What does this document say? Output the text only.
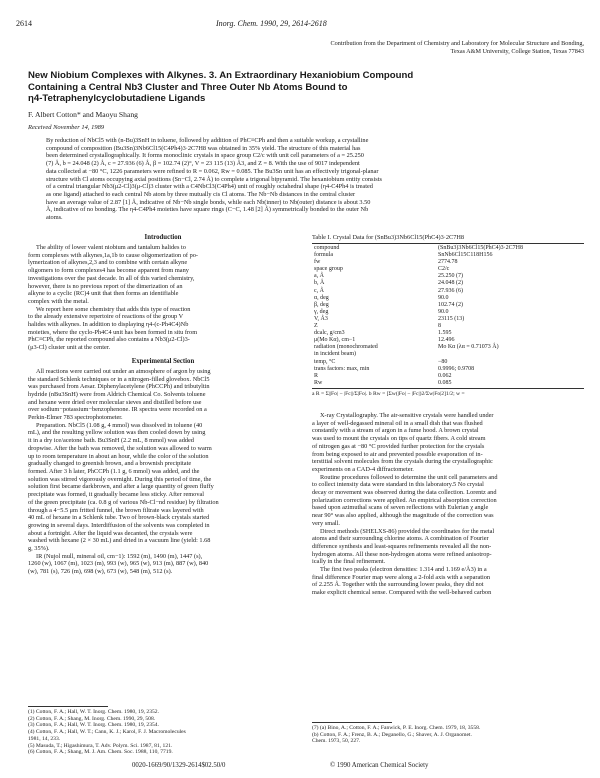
2614	Inorg. Chem. 1990, 29, 2614-2618
Contribution from the Department of Chemistry and Laboratory for Molecular Structure and Bonding,
Texas A&M University, College Station, Texas 77843
New Niobium Complexes with Alkynes. 3. An Extraordinary Hexaniobium Compound
Containing a Central Nb3 Cluster and Three Outer Nb Atoms Bound to
η4-Tetraphenylcyclobutadiene Ligands
F. Albert Cotton* and Maoyu Shang
Received November 14, 1989
By reduction of NbCl5 with (n-Bu)3SnH in toluene, followed by addition of PhC≡CPh and then a suitable workup, a crystalline
compound of composition (Bu3Sn)3Nb6Cl15(C4Ph4)3·2C7H8 was obtained in 35% yield. The structure of this material has
been determined crystallographically. It forms monoclinic crystals in space group C2/c with unit cell parameters of a = 25.250
(7) Å, b = 24.048 (2) Å, c = 27.936 (6) Å, β = 102.74 (2)°, V = 23 115 (13) Å3, and Z = 8. With the use of 9017 independent
data collected at −80 °C, 1226 parameters were refined to R = 0.062, Rw = 0.085. The Bu3Sn unit has an effectively trigonal-planar
structure with Cl atoms occupying axial positions (Sn−Cl, 2.74 Å) to complete a trigonal bipyramid. The hexaniobium entity consists
of a central triangular Nb3(μ2-Cl)3(μ-Cl)3 cluster with a C4NbCl3(C4Ph4) unit of roughly octahedral shape (η4-C4Ph4 is treated
as one ligand) attached to each central Nb atom by three mutually cis Cl atoms. The Nb−Nb distances in the central cluster
have an average value of 2.87 [1] Å, indicative of Nb−Nb single bonds, while each Nb(inner) to Nb(outer) distance is about 3.50
Å, indicative of no bonding. The η4-C4Ph4 moieties have square rings (C−C, 1.48 [2] Å) symmetrically bonded to the outer Nb
atoms.
Introduction
The ability of lower valent niobium and tantalum halides to
form complexes with alkynes,1a,1b to cause oligomerization of po-
lymerization of alkynes,2,3 and to combine with certain alkyne
oligomers to form complexes4 has become apparent from many
investigations over the past decade. In all of this varied chemistry,
however, there is no previous report of the dimerization of an
alkyne to a cyclic (RC)4 unit that then forms an identifiable
complex with the metal.
We report here some chemistry that adds this type of reaction
to the already extensive repertoire of reactions of the group V
halides with alkynes. In addition to displaying η4-(c-Ph4C4)Nb
moieties, where the cyclo-Ph4C4 unit has been formed in situ from
PhC≡CPh, the reported compound also contains a Nb3(μ2-Cl)3-
(μ3-Cl) cluster unit at the center.
Experimental Section
All reactions were carried out under an atmosphere of argon by using
the standard Schlenk techniques or in a nitrogen-filled glovebox. NbCl5
was purchased from Aesar. Diphenylacetylene (PhCCPh) and tributyltin
hydride (nBu3SnH) were from Aldrich Chemical Co. Solvents toluene
and hexane were dried over molecular sieves and distilled before use
over sodium−potassium−benzophenone. IR spectra were recorded on a
Perkin-Elmer 783 spectrophotometer.
Preparation. NbCl5 (1.08 g, 4 mmol) was dissolved in toluene (40
mL), and the resulting yellow solution was then cooled down by using
it in a dry ice/acetone bath. Bu3SnH (2.2 mL, 8 mmol) was added
dropwise. After the bath was removed, the solution was allowed to warm
up to room temperature in about an hour, while the color of the solution
gradually changed to greenish brown, and a brownish precipitate
formed. After 3 h later, PhCCPh (1.1 g, 6 mmol) was added, and the
solution was stirred vigorously overnight. During this period of time, the
solution first became darkbrown, and after a large quantity of green fluffy
precipitate was formed, it gradually became less sticky. After removal
of the green precipitate (ca. 0.8 g of various Nb-Cl−nd residue) by filtration
through a 4−5.5 μm fritted funnel, the brown filtrate was layered with
40 mL of hexane in a Schlenk tube. Two of brown-black crystals started
growing in several days. Interdiffusion of the solvents was completed in
about a fortnight. After the liquid was decanted, the crystals were
washed with hexane (2 × 30 mL) and dried in a vacuum line (yield: 1.68
g, 35%).
IR (Nujol mull, mineral oil, cm−1): 1592 (m), 1490 (m), 1447 (s),
1260 (w), 1067 (m), 1023 (m), 993 (w), 965 (w), 913 (m), 887 (w), 840
(w), 781 (s), 726 (m), 698 (w), 673 (w), 548 (m), 512 (s).
(1) Cotton, F. A.; Hall, W. T. Inorg. Chem. 1980, 19, 2352.
(2) Cotton, F. A.; Shang, M. Inorg. Chem. 1990, 29, 508.
(3) Cotton, F. A.; Hall, W. T. Inorg. Chem. 1980, 19, 2354.
(4) Cotton, F. A.; Hall, W. T.; Cann, K. J.; Karol, F. J. Macromolecules
1981, 14, 233.
(5) Masuda, T.; Higashimura, T. Adv. Polym. Sci. 1987, 81, 121.
(6) Cotton, F. A.; Shang, M. J. Am. Chem. Soc. 1988, 110, 7719.
Table I. Crystal Data for (SnBu3)3Nb6Cl15(PhC4)3·2C7H8
compound	(SnBu3)3Nb6Cl15(PhC4)3·2C7H8
formula	SnNb6Cl15C118H156
fw	2774.78
space group	C2/c
a, Å	25.250 (7)
b, Å	24.048 (2)
c, Å	27.936 (6)
α, deg	90.0
β, deg	102.74 (2)
γ, deg	90.0
V, Å3	23115 (13)
Z	8
dcalc, g/cm3	1.595
μ(Mo Kα), cm−1	12.496
radiation (monochromated	Mo Kα (λα = 0.71073 Å)
in incident beam)	
temp, °C	−80
trans factors: max, min	0.9996; 0.9708
R	0.062
Rw	0.085
a R = Σ||Fo| − |Fc||/Σ|Fo|. b Rw = [Σw(|Fo| − |Fc|)2/Σw|Fo|2]1/2; w =
X-ray Crystallography. The air-sensitive crystals were handled under
a layer of well-degassed mineral oil in a small dish that was flushed
constantly with a stream of argon in a fume hood. A brown crystal
was used to mount the crystals on tips of quartz fibers. A cold stream
of nitrogen gas at −80 °C provided further protection for the crystals
from being exposed to air and prevented possible evaporation of in-
terstitial solvent molecules from the crystals during the crystallographic
experiments on a CAD-4 diffractometer.
Routine procedures followed to determine the unit cell parameters and
to collect intensity data were standard in this laboratory.5 No crystal
decay or movement was observed during the data collection. Lorentz and
polarization corrections were applied. An empirical absorption correction
based upon azimuthal scans of seven reflections with Eulerian χ angle
near 90° was also applied, although the magnitude of the correction was
very small.
Direct methods (SHELXS-86) provided the coordinates for the metal
atoms and their surrounding chlorine atoms. A combination of Fourier
difference synthesis and least-squares refinements revealed all the non-
hydrogen atoms. All these non-hydrogen atoms were refined anisotrop-
ically in the final refinement.
The first two peaks (electron densities: 1.314 and 1.169 e/Å3) in a
final difference Fourier map were along a 2-fold axis with a separation
of 2.255 Å. Together with the surrounding lower peaks, they did not
make explicit chemical sense. Compared with the well-behaved carbon
(7) (a) Bino, A.; Cotton, F. A.; Fanwick, P. E. Inorg. Chem. 1979, 18, 3558.
(b) Cotton, F. A.; Frenz, B. A.; Deganello, G.; Shaver, A. J. Organomet.
Chem. 1973, 50, 227.
0020-1669/90/1329-2614$02.50/0	© 1990 American Chemical Society
